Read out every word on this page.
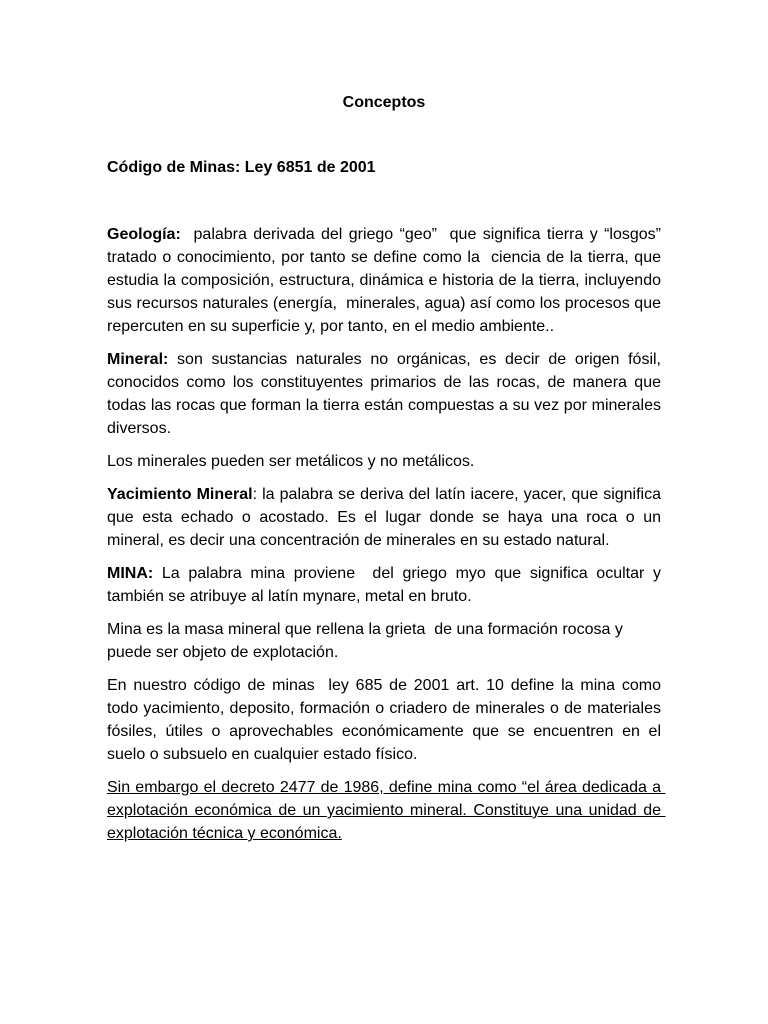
Conceptos
Código de Minas: Ley 6851 de 2001

Geología:  palabra derivada del griego “geo”  que significa tierra y “losgos”     tratado o conocimiento, por tanto se define como la  ciencia de la tierra, que estudia la composición, estructura, dinámica e historia de la tierra, incluyendo sus recursos naturales (energía,  minerales, agua) así como los procesos que repercuten en su superficie y, por tanto, en el medio ambiente..

Mineral: son sustancias naturales no orgánicas, es decir de origen fósil, conocidos como los constituyentes primarios de las rocas, de manera que todas las rocas que forman la tierra están compuestas a su vez por minerales diversos.

Los minerales pueden ser metálicos y no metálicos.

Yacimiento Mineral: la palabra se deriva del latín iacere, yacer, que significa que esta echado o acostado. Es el lugar donde se haya una roca o un mineral, es decir una concentración de minerales en su estado natural.

MINA: La palabra mina proviene  del griego myo que significa ocultar y también se atribuye al latín mynare, metal en bruto.

Mina es la masa mineral que rellena la grieta  de una formación rocosa y puede ser objeto de explotación.

En nuestro código de minas  ley 685 de 2001 art. 10 define la mina como todo yacimiento, deposito, formación o criadero de minerales o de materiales fósiles, útiles o aprovechables económicamente que se encuentren en el suelo o subsuelo en cualquier estado físico.

Sin embargo el decreto 2477 de 1986, define mina como “el área dedicada a explotación económica de un yacimiento mineral. Constituye una unidad de explotación técnica y económica.
